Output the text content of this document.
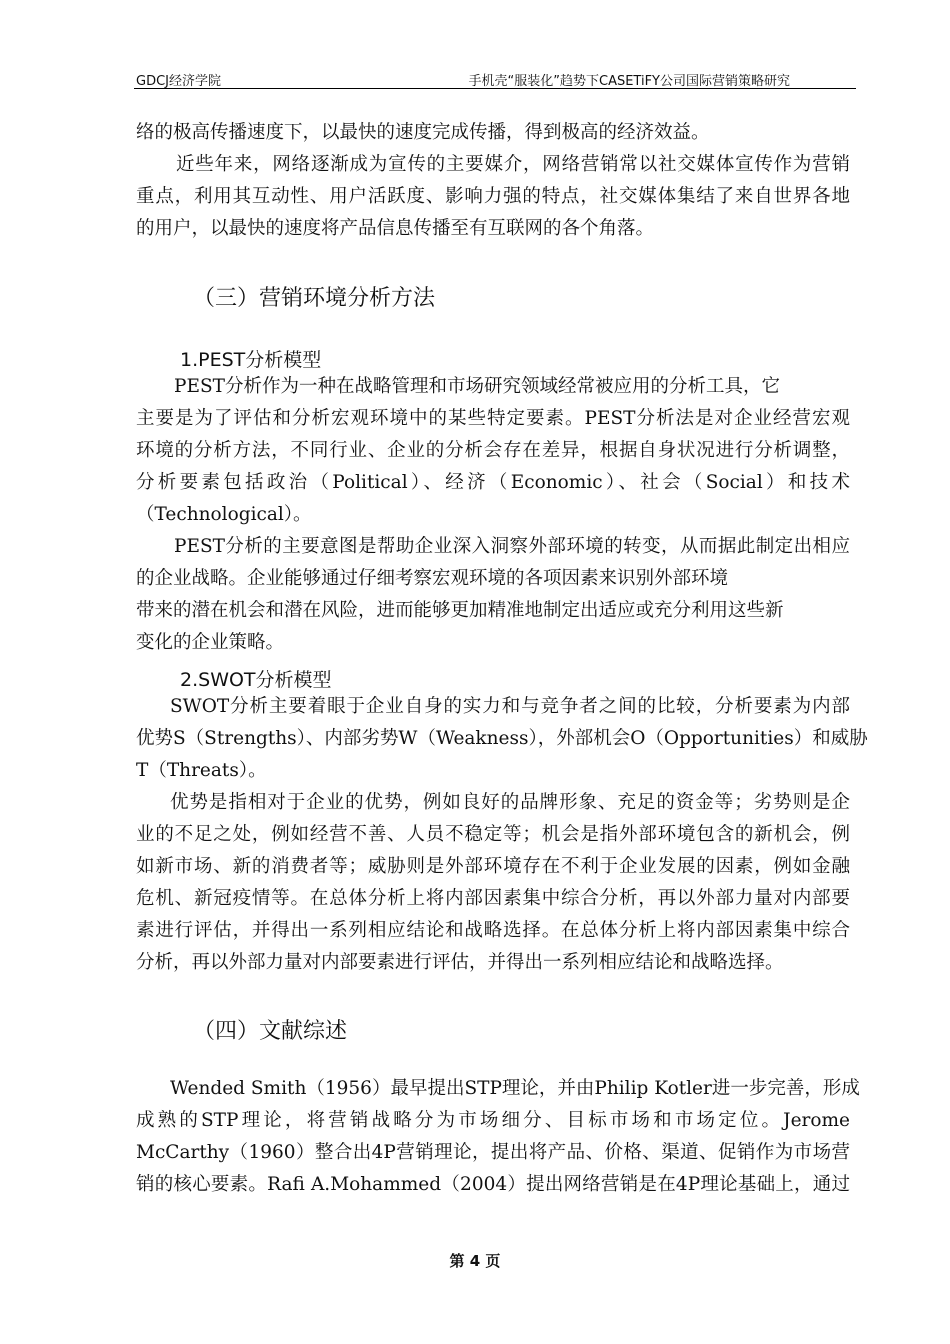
GDCJ经济学院	手机壳“服装化”趋势下CASETiFY公司国际营销策略研究
络的极高传播速度下，以最快的速度完成传播，得到极高的经济效益。
近些年来，网络逐渐成为宣传的主要媒介，网络营销常以社交媒体宣传作为营销
重点，利用其互动性、用户活跃度、影响力强的特点，社交媒体集结了来自世界各地
的用户，以最快的速度将产品信息传播至有互联网的各个角落。
（三）营销环境分析方法
1.PEST分析模型
PEST分析作为一种在战略管理和市场研究领域经常被应用的分析工具，它
主要是为了评估和分析宏观环境中的某些特定要素。PEST分析法是对企业经营宏观
环境的分析方法，不同行业、企业的分析会存在差异，根据自身状况进行分析调整，
分析要素包括政治（Political）、经济（Economic）、社会（Social）和技术
（Technological）。
PEST分析的主要意图是帮助企业深入洞察外部环境的转变，从而据此制定出相应
的企业战略。企业能够通过仔细考察宏观环境的各项因素来识别外部环境
带来的潜在机会和潜在风险，进而能够更加精准地制定出适应或充分利用这些新
变化的企业策略。
2.SWOT分析模型
SWOT分析主要着眼于企业自身的实力和与竞争者之间的比较，分析要素为内部
优势S（Strengths）、内部劣势W（Weakness），外部机会O（Opportunities）和威胁
T（Threats）。
优势是指相对于企业的优势，例如良好的品牌形象、充足的资金等；劣势则是企
业的不足之处，例如经营不善、人员不稳定等；机会是指外部环境包含的新机会，例
如新市场、新的消费者等；威胁则是外部环境存在不利于企业发展的因素，例如金融
危机、新冠疫情等。在总体分析上将内部因素集中综合分析，再以外部力量对内部要
素进行评估，并得出一系列相应结论和战略选择。在总体分析上将内部因素集中综合
分析，再以外部力量对内部要素进行评估，并得出一系列相应结论和战略选择。
（四）文献综述
Wended Smith（1956）最早提出STP理论，并由Philip Kotler进一步完善，形成
成熟的STP理论，将营销战略分为市场细分、目标市场和市场定位。Jerome
McCarthy（1960）整合出4P营销理论，提出将产品、价格、渠道、促销作为市场营
销的核心要素。Rafi A.Mohammed（2004）提出网络营销是在4P理论基础上，通过
第 4 页
